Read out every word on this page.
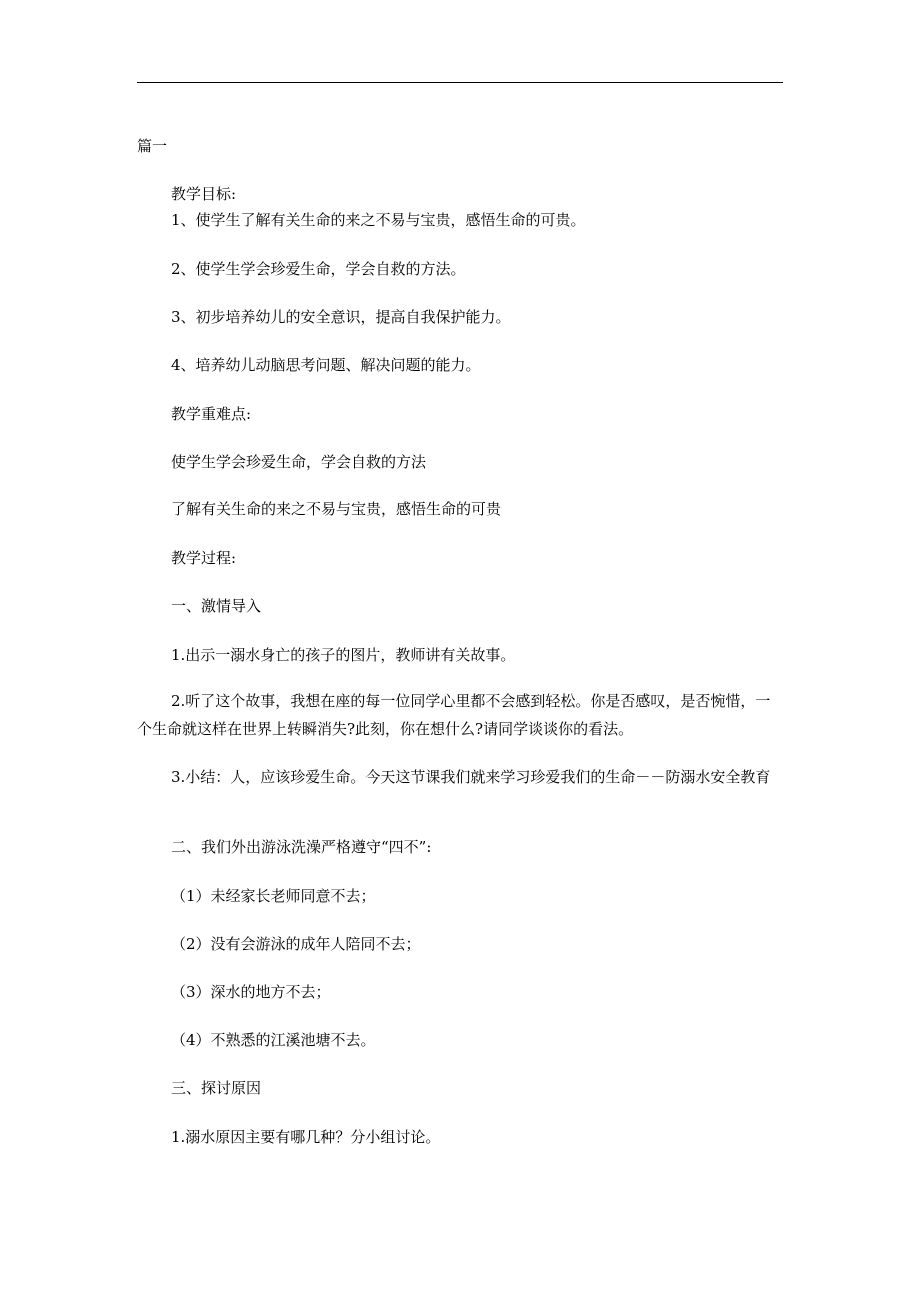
篇一
教学目标:
1、使学生了解有关生命的来之不易与宝贵，感悟生命的可贵。
2、使学生学会珍爱生命，学会自救的方法。
3、初步培养幼儿的安全意识，提高自我保护能力。
4、培养幼儿动脑思考问题、解决问题的能力。
教学重难点:
使学生学会珍爱生命，学会自救的方法
了解有关生命的来之不易与宝贵，感悟生命的可贵
教学过程:
一、激情导入
1.出示一溺水身亡的孩子的图片，教师讲有关故事。
2.听了这个故事，我想在座的每一位同学心里都不会感到轻松。你是否感叹，是否惋惜，一个生命就这样在世界上转瞬消失?此刻，你在想什么?请同学谈谈你的看法。
3.小结：人，应该珍爱生命。今天这节课我们就来学习珍爱我们的生命－－防溺水安全教育
二、我们外出游泳洗澡严格遵守“四不”:
（1）未经家长老师同意不去；
（2）没有会游泳的成年人陪同不去；
（3）深水的地方不去；
（4）不熟悉的江溪池塘不去。
三、探讨原因
1.溺水原因主要有哪几种？分小组讨论。
